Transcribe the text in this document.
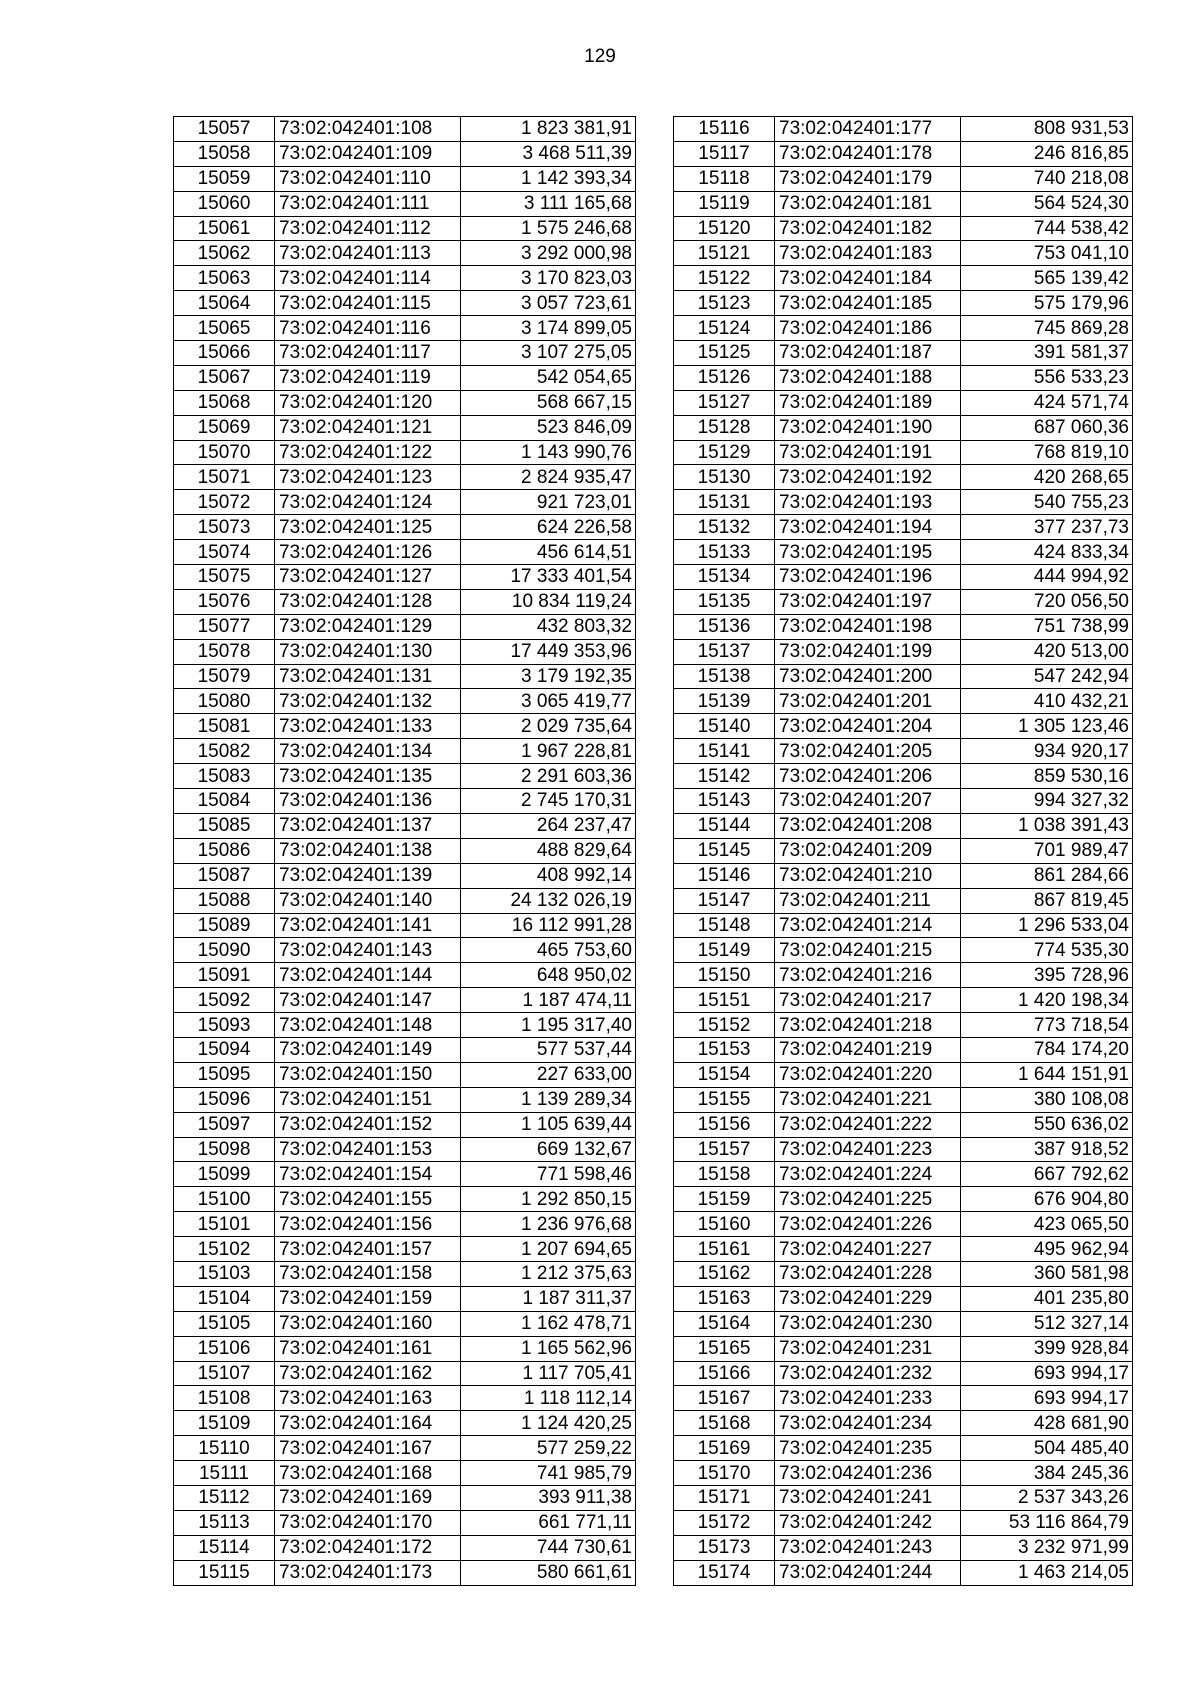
129
15057	73:02:042401:108	1 823 381,91
15058	73:02:042401:109	3 468 511,39
15059	73:02:042401:110	1 142 393,34
15060	73:02:042401:111	3 111 165,68
15061	73:02:042401:112	1 575 246,68
15062	73:02:042401:113	3 292 000,98
15063	73:02:042401:114	3 170 823,03
15064	73:02:042401:115	3 057 723,61
15065	73:02:042401:116	3 174 899,05
15066	73:02:042401:117	3 107 275,05
15067	73:02:042401:119	542 054,65
15068	73:02:042401:120	568 667,15
15069	73:02:042401:121	523 846,09
15070	73:02:042401:122	1 143 990,76
15071	73:02:042401:123	2 824 935,47
15072	73:02:042401:124	921 723,01
15073	73:02:042401:125	624 226,58
15074	73:02:042401:126	456 614,51
15075	73:02:042401:127	17 333 401,54
15076	73:02:042401:128	10 834 119,24
15077	73:02:042401:129	432 803,32
15078	73:02:042401:130	17 449 353,96
15079	73:02:042401:131	3 179 192,35
15080	73:02:042401:132	3 065 419,77
15081	73:02:042401:133	2 029 735,64
15082	73:02:042401:134	1 967 228,81
15083	73:02:042401:135	2 291 603,36
15084	73:02:042401:136	2 745 170,31
15085	73:02:042401:137	264 237,47
15086	73:02:042401:138	488 829,64
15087	73:02:042401:139	408 992,14
15088	73:02:042401:140	24 132 026,19
15089	73:02:042401:141	16 112 991,28
15090	73:02:042401:143	465 753,60
15091	73:02:042401:144	648 950,02
15092	73:02:042401:147	1 187 474,11
15093	73:02:042401:148	1 195 317,40
15094	73:02:042401:149	577 537,44
15095	73:02:042401:150	227 633,00
15096	73:02:042401:151	1 139 289,34
15097	73:02:042401:152	1 105 639,44
15098	73:02:042401:153	669 132,67
15099	73:02:042401:154	771 598,46
15100	73:02:042401:155	1 292 850,15
15101	73:02:042401:156	1 236 976,68
15102	73:02:042401:157	1 207 694,65
15103	73:02:042401:158	1 212 375,63
15104	73:02:042401:159	1 187 311,37
15105	73:02:042401:160	1 162 478,71
15106	73:02:042401:161	1 165 562,96
15107	73:02:042401:162	1 117 705,41
15108	73:02:042401:163	1 118 112,14
15109	73:02:042401:164	1 124 420,25
15110	73:02:042401:167	577 259,22
15111	73:02:042401:168	741 985,79
15112	73:02:042401:169	393 911,38
15113	73:02:042401:170	661 771,11
15114	73:02:042401:172	744 730,61
15115	73:02:042401:173	580 661,61
15116	73:02:042401:177	808 931,53
15117	73:02:042401:178	246 816,85
15118	73:02:042401:179	740 218,08
15119	73:02:042401:181	564 524,30
15120	73:02:042401:182	744 538,42
15121	73:02:042401:183	753 041,10
15122	73:02:042401:184	565 139,42
15123	73:02:042401:185	575 179,96
15124	73:02:042401:186	745 869,28
15125	73:02:042401:187	391 581,37
15126	73:02:042401:188	556 533,23
15127	73:02:042401:189	424 571,74
15128	73:02:042401:190	687 060,36
15129	73:02:042401:191	768 819,10
15130	73:02:042401:192	420 268,65
15131	73:02:042401:193	540 755,23
15132	73:02:042401:194	377 237,73
15133	73:02:042401:195	424 833,34
15134	73:02:042401:196	444 994,92
15135	73:02:042401:197	720 056,50
15136	73:02:042401:198	751 738,99
15137	73:02:042401:199	420 513,00
15138	73:02:042401:200	547 242,94
15139	73:02:042401:201	410 432,21
15140	73:02:042401:204	1 305 123,46
15141	73:02:042401:205	934 920,17
15142	73:02:042401:206	859 530,16
15143	73:02:042401:207	994 327,32
15144	73:02:042401:208	1 038 391,43
15145	73:02:042401:209	701 989,47
15146	73:02:042401:210	861 284,66
15147	73:02:042401:211	867 819,45
15148	73:02:042401:214	1 296 533,04
15149	73:02:042401:215	774 535,30
15150	73:02:042401:216	395 728,96
15151	73:02:042401:217	1 420 198,34
15152	73:02:042401:218	773 718,54
15153	73:02:042401:219	784 174,20
15154	73:02:042401:220	1 644 151,91
15155	73:02:042401:221	380 108,08
15156	73:02:042401:222	550 636,02
15157	73:02:042401:223	387 918,52
15158	73:02:042401:224	667 792,62
15159	73:02:042401:225	676 904,80
15160	73:02:042401:226	423 065,50
15161	73:02:042401:227	495 962,94
15162	73:02:042401:228	360 581,98
15163	73:02:042401:229	401 235,80
15164	73:02:042401:230	512 327,14
15165	73:02:042401:231	399 928,84
15166	73:02:042401:232	693 994,17
15167	73:02:042401:233	693 994,17
15168	73:02:042401:234	428 681,90
15169	73:02:042401:235	504 485,40
15170	73:02:042401:236	384 245,36
15171	73:02:042401:241	2 537 343,26
15172	73:02:042401:242	53 116 864,79
15173	73:02:042401:243	3 232 971,99
15174	73:02:042401:244	1 463 214,05
